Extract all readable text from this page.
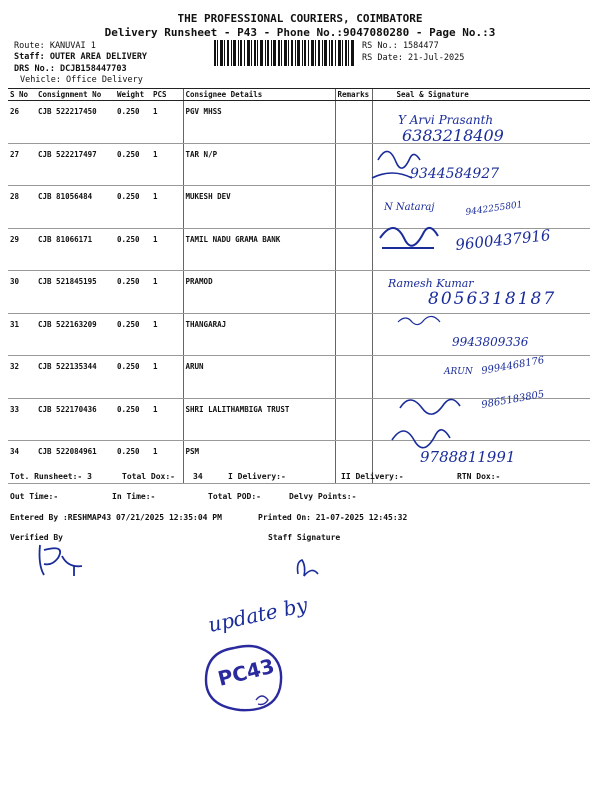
THE PROFESSIONAL COURIERS, COIMBATORE
Delivery Runsheet - P43 - Phone No.:9047080280 - Page No.:3
Route: KANUVAI 1
Staff: OUTER AREA DELIVERY
DRS No.: DCJB158447703
Vehicle: Office Delivery
RS No.: 1584477
RS Date: 21-Jul-2025
S No	Consignment No	Weight	PCS	Consignee Details	Remarks	Seal & Signature
26	CJB 522217450	0.250	1	PGV MHSS		
27	CJB 522217497	0.250	1	TAR N/P		
28	CJB 81056484	0.250	1	MUKESH DEV		
29	CJB 81066171	0.250	1	TAMIL NADU GRAMA BANK		
30	CJB 521845195	0.250	1	PRAMOD		
31	CJB 522163209	0.250	1	THANGARAJ		
32	CJB 522135344	0.250	1	ARUN		
33	CJB 522170436	0.250	1	SHRI LALITHAMBIGA TRUST		
34	CJB 522084961	0.250	1	PSM		
Y Arvi Prasanth
6383218409
9344584927
N Nataraj	9442255801
9600437916
Ramesh Kumar
8056318187
9943809336
ARUN 9994468176
9865183805
9788811991
Tot. Runsheet:- 3	Total Dox:- 34	I Delivery:-	II Delivery:-	RTN Dox:-
Out Time:-	In Time:-	Total POD:-	Delvy Points:-
Entered By :RESHMAP43 07/21/2025 12:35:04 PM	Printed On: 21-07-2025 12:45:32
Verified By	Staff Signature
update by
PC43
